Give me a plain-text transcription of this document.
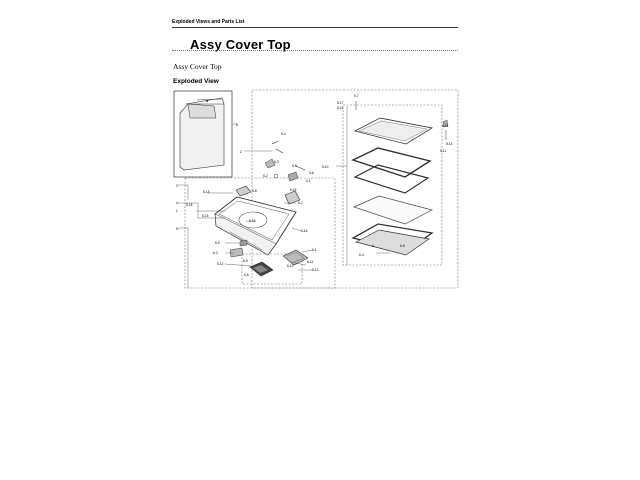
Exploded Views and Parts List
Assy Cover Top
Assy Cover Top
Exploded View
8
2
3
4
1
5
6-13
5-18
6-15
5-4
5-3
5-2
5-5
5-6
5-1
5-15
5-8
6-2
6-12
5-16
5-9
6-3
5-12
6-1
6-11
5-13
6-5
6-6
6-10
5-10
5-7
5-17
5-11
5-14
5-13
5-11
6-4
6	6-8
